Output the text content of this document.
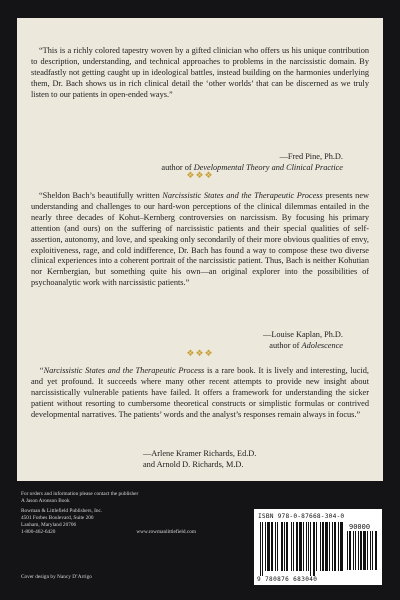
“This is a richly colored tapestry woven by a gifted clinician who offers us his unique contribution to description, understanding, and technical approaches to problems in the narcissistic domain. By steadfastly not getting caught up in ideological battles, instead building on the harmonies underlying them, Dr. Bach shows us in rich clinical detail the ‘other worlds’ that can be discerned as we truly listen to our patients in open-ended ways.”

—Fred Pine, Ph.D.
author of Developmental Theory and Clinical Practice
❖❖❖

“Sheldon Bach’s beautifully written Narcissistic States and the Therapeutic Process presents new understanding and challenges to our hard-won perceptions of the clinical dilemmas entailed in the nearly three decades of Kohut–Kernberg controversies on narcissism. By focusing his primary attention (and ours) on the suffering of narcissistic patients and their special qualities of self-assertion, autonomy, and love, and speaking only secondarily of their more obvious qualities of envy, exploitiveness, rage, and cold indifference, Dr. Bach has found a way to compose these two diverse clinical experiences into a coherent portrait of the narcissistic patient. Thus, Bach is neither Kohutian nor Kernbergian, but something quite his own—an original explorer into the possibilities of psychoanalytic work with narcissistic patients.”

—Louise Kaplan, Ph.D.
author of Adolescence
❖❖❖

“Narcissistic States and the Therapeutic Process is a rare book. It is lively and interesting, lucid, and yet profound. It succeeds where many other recent attempts to provide new insight about narcissistically vulnerable patients have failed. It offers a framework for understanding the sicker patient without resorting to cumbersome theoretical constructs or simplistic formulas or contrived developmental narratives. The patients’ words and the analyst’s responses remain always in focus.”

—Arlene Kramer Richards, Ed.D.
and Arnold D. Richards, M.D.
For orders and information please contact the publisher
A Jason Aronson Book
Rowman & Littlefield Publishers, Inc.
4501 Forbes Boulevard, Suite 200
Lanham, Maryland 20706
1-800-462-6420	www.rowmanlittlefield.com
Cover design by Nancy D’Arrigo
ISBN 978-0-87668-304-0
90000
9 780876 683040
